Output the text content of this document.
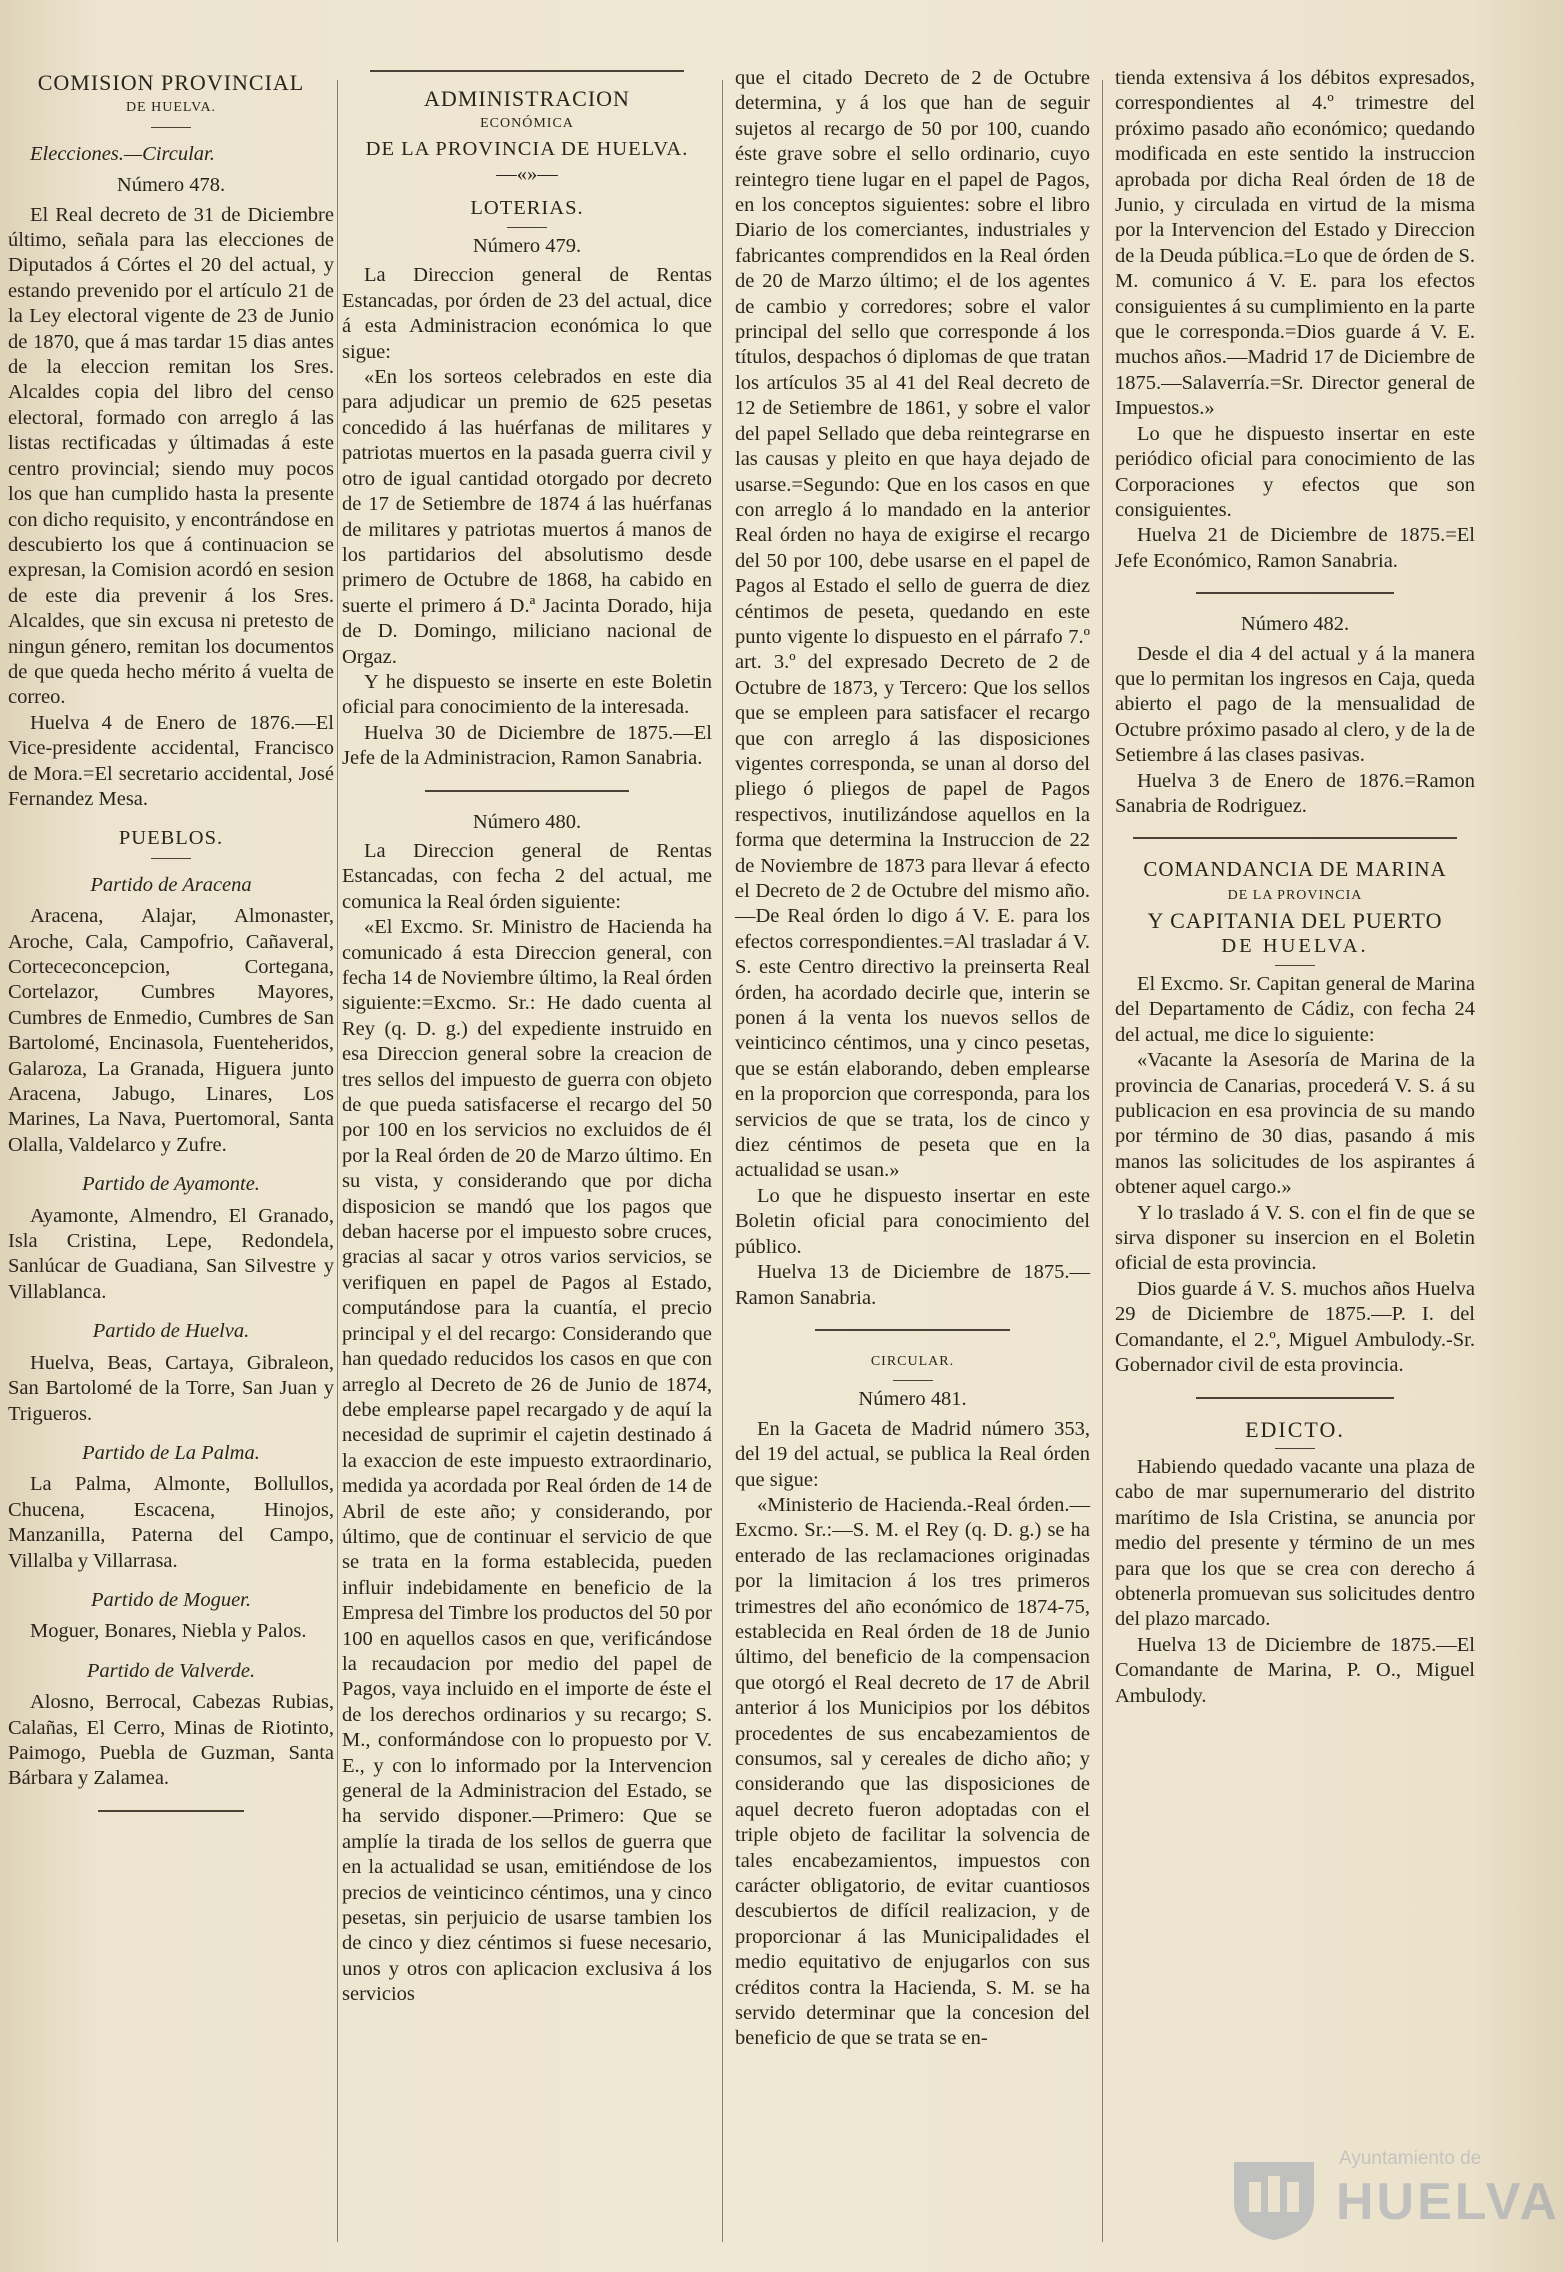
COMISION PROVINCIAL

DE HUELVA.

Elecciones.—Circular.

Número 478.

El Real decreto de 31 de Diciembre último, señala para las elecciones de Diputados á Córtes el 20 del actual, y estando prevenido por el artículo 21 de la Ley electoral vigente de 23 de Junio de 1870, que á mas tardar 15 dias antes de la eleccion remitan los Sres. Alcaldes copia del libro del censo electoral, formado con arreglo á las listas rectificadas y últimadas á este centro provincial; siendo muy pocos los que han cumplido hasta la presente con dicho requisito, y encontrándose en descubierto los que á continuacion se expresan, la Comision acordó en sesion de este dia prevenir á los Sres. Alcaldes, que sin excusa ni pretesto de ningun género, remitan los documentos de que queda hecho mérito á vuelta de correo.

Huelva 4 de Enero de 1876.—El Vice-presidente accidental, Francisco de Mora.=El secretario accidental, José Fernandez Mesa.

PUEBLOS.

Partido de Aracena

Aracena, Alajar, Almonaster, Aroche, Cala, Campofrio, Cañaveral, Cortececoncepcion, Cortegana, Cortelazor, Cumbres Mayores, Cumbres de Enmedio, Cumbres de San Bartolomé, Encinasola, Fuenteheridos, Galaroza, La Granada, Higuera junto Aracena, Jabugo, Linares, Los Marines, La Nava, Puertomoral, Santa Olalla, Valdelarco y Zufre.

Partido de Ayamonte.

Ayamonte, Almendro, El Granado, Isla Cristina, Lepe, Redondela, Sanlúcar de Guadiana, San Silvestre y Villablanca.

Partido de Huelva.

Huelva, Beas, Cartaya, Gibraleon, San Bartolomé de la Torre, San Juan y Trigueros.

Partido de La Palma.

La Palma, Almonte, Bollullos, Chucena, Escacena, Hinojos, Manzanilla, Paterna del Campo, Villalba y Villarrasa.

Partido de Moguer.

Moguer, Bonares, Niebla y Palos.

Partido de Valverde.

Alosno, Berrocal, Cabezas Rubias, Calañas, El Cerro, Minas de Riotinto, Paimogo, Puebla de Guzman, Santa Bárbara y Zalamea.

ADMINISTRACION

ECONÓMICA

DE LA PROVINCIA DE HUELVA.

—«»—

LOTERIAS.

Número 479.

La Direccion general de Rentas Estancadas, por órden de 23 del actual, dice á esta Administracion económica lo que sigue:

«En los sorteos celebrados en este dia para adjudicar un premio de 625 pesetas concedido á las huérfanas de militares y patriotas muertos en la pasada guerra civil y otro de igual cantidad otorgado por decreto de 17 de Setiembre de 1874 á las huérfanas de militares y patriotas muertos á manos de los partidarios del absolutismo desde primero de Octubre de 1868, ha cabido en suerte el primero á D.ª Jacinta Dorado, hija de D. Domingo, miliciano nacional de Orgaz.

Y he dispuesto se inserte en este Boletin oficial para conocimiento de la interesada.

Huelva 30 de Diciembre de 1875.—El Jefe de la Administracion, Ramon Sanabria.

Número 480.

La Direccion general de Rentas Estancadas, con fecha 2 del actual, me comunica la Real órden siguiente:

«El Excmo. Sr. Ministro de Hacienda ha comunicado á esta Direccion general, con fecha 14 de Noviembre último, la Real órden siguiente:=Excmo. Sr.: He dado cuenta al Rey (q. D. g.) del expediente instruido en esa Direccion general sobre la creacion de tres sellos del impuesto de guerra con objeto de que pueda satisfacerse el recargo del 50 por 100 en los servicios no excluidos de él por la Real órden de 20 de Marzo último. En su vista, y considerando que por dicha disposicion se mandó que los pagos que deban hacerse por el impuesto sobre cruces, gracias al sacar y otros varios servicios, se verifiquen en papel de Pagos al Estado, computándose para la cuantía, el precio principal y el del recargo: Considerando que han quedado reducidos los casos en que con arreglo al Decreto de 26 de Junio de 1874, debe emplearse papel recargado y de aquí la necesidad de suprimir el cajetin destinado á la exaccion de este impuesto extraordinario, medida ya acordada por Real órden de 14 de Abril de este año; y considerando, por último, que de continuar el servicio de que se trata en la forma establecida, pueden influir indebidamente en beneficio de la Empresa del Timbre los productos del 50 por 100 en aquellos casos en que, verificándose la recaudacion por medio del papel de Pagos, vaya incluido en el importe de éste el de los derechos ordinarios y su recargo; S. M., conformándose con lo propuesto por V. E., y con lo informado por la Intervencion general de la Administracion del Estado, se ha servido disponer.—Primero: Que se amplíe la tirada de los sellos de guerra que en la actualidad se usan, emitiéndose de los precios de veinticinco céntimos, una y cinco pesetas, sin perjuicio de usarse tambien los de cinco y diez céntimos si fuese necesario, unos y otros con aplicacion exclusiva á los servicios

que el citado Decreto de 2 de Octubre determina, y á los que han de seguir sujetos al recargo de 50 por 100, cuando éste grave sobre el sello ordinario, cuyo reintegro tiene lugar en el papel de Pagos, en los conceptos siguientes: sobre el libro Diario de los comerciantes, industriales y fabricantes comprendidos en la Real órden de 20 de Marzo último; el de los agentes de cambio y corredores; sobre el valor principal del sello que corresponde á los títulos, despachos ó diplomas de que tratan los artículos 35 al 41 del Real decreto de 12 de Setiembre de 1861, y sobre el valor del papel Sellado que deba reintegrarse en las causas y pleito en que haya dejado de usarse.=Segundo: Que en los casos en que con arreglo á lo mandado en la anterior Real órden no haya de exigirse el recargo del 50 por 100, debe usarse en el papel de Pagos al Estado el sello de guerra de diez céntimos de peseta, quedando en este punto vigente lo dispuesto en el párrafo 7.º art. 3.º del expresado Decreto de 2 de Octubre de 1873, y Tercero: Que los sellos que se empleen para satisfacer el recargo que con arreglo á las disposiciones vigentes corresponda, se unan al dorso del pliego ó pliegos de papel de Pagos respectivos, inutilizándose aquellos en la forma que determina la Instruccion de 22 de Noviembre de 1873 para llevar á efecto el Decreto de 2 de Octubre del mismo año.—De Real órden lo digo á V. E. para los efectos correspondientes.=Al trasladar á V. S. este Centro directivo la preinserta Real órden, ha acordado decirle que, interin se ponen á la venta los nuevos sellos de veinticinco céntimos, una y cinco pesetas, que se están elaborando, deben emplearse en la proporcion que corresponda, para los servicios de que se trata, los de cinco y diez céntimos de peseta que en la actualidad se usan.»

Lo que he dispuesto insertar en este Boletin oficial para conocimiento del público.

Huelva 13 de Diciembre de 1875.—Ramon Sanabria.

CIRCULAR.

Número 481.

En la Gaceta de Madrid número 353, del 19 del actual, se publica la Real órden que sigue:

«Ministerio de Hacienda.-Real órden.—Excmo. Sr.:—S. M. el Rey (q. D. g.) se ha enterado de las reclamaciones originadas por la limitacion á los tres primeros trimestres del año económico de 1874-75, establecida en Real órden de 18 de Junio último, del beneficio de la compensacion que otorgó el Real decreto de 17 de Abril anterior á los Municipios por los débitos procedentes de sus encabezamientos de consumos, sal y cereales de dicho año; y considerando que las disposiciones de aquel decreto fueron adoptadas con el triple objeto de facilitar la solvencia de tales encabezamientos, impuestos con carácter obligatorio, de evitar cuantiosos descubiertos de difícil realizacion, y de proporcionar á las Municipalidades el medio equitativo de enjugarlos con sus créditos contra la Hacienda, S. M. se ha servido determinar que la concesion del beneficio de que se trata se en-

tienda extensiva á los débitos expresados, correspondientes al 4.º trimestre del próximo pasado año económico; quedando modificada en este sentido la instruccion aprobada por dicha Real órden de 18 de Junio, y circulada en virtud de la misma por la Intervencion del Estado y Direccion de la Deuda pública.=Lo que de órden de S. M. comunico á V. E. para los efectos consiguientes á su cumplimiento en la parte que le corresponda.=Dios guarde á V. E. muchos años.—Madrid 17 de Diciembre de 1875.—Salaverría.=Sr. Director general de Impuestos.»

Lo que he dispuesto insertar en este periódico oficial para conocimiento de las Corporaciones y efectos que son consiguientes.

Huelva 21 de Diciembre de 1875.=El Jefe Económico, Ramon Sanabria.

Número 482.

Desde el dia 4 del actual y á la manera que lo permitan los ingresos en Caja, queda abierto el pago de la mensualidad de Octubre próximo pasado al clero, y de la de Setiembre á las clases pasivas.

Huelva 3 de Enero de 1876.=Ramon Sanabria de Rodriguez.

COMANDANCIA DE MARINA

DE LA PROVINCIA

Y CAPITANIA DEL PUERTO

DE HUELVA.

El Excmo. Sr. Capitan general de Marina del Departamento de Cádiz, con fecha 24 del actual, me dice lo siguiente:

«Vacante la Asesoría de Marina de la provincia de Canarias, procederá V. S. á su publicacion en esa provincia de su mando por término de 30 dias, pasando á mis manos las solicitudes de los aspirantes á obtener aquel cargo.»

Y lo traslado á V. S. con el fin de que se sirva disponer su insercion en el Boletin oficial de esta provincia.

Dios guarde á V. S. muchos años Huelva 29 de Diciembre de 1875.—P. I. del Comandante, el 2.º, Miguel Ambulody.-Sr. Gobernador civil de esta provincia.

EDICTO.

Habiendo quedado vacante una plaza de cabo de mar supernumerario del distrito marítimo de Isla Cristina, se anuncia por medio del presente y término de un mes para que los que se crea con derecho á obtenerla promuevan sus solicitudes dentro del plazo marcado.

Huelva 13 de Diciembre de 1875.—El Comandante de Marina, P. O., Miguel Ambulody.

Ayuntamiento de
HUELVA
